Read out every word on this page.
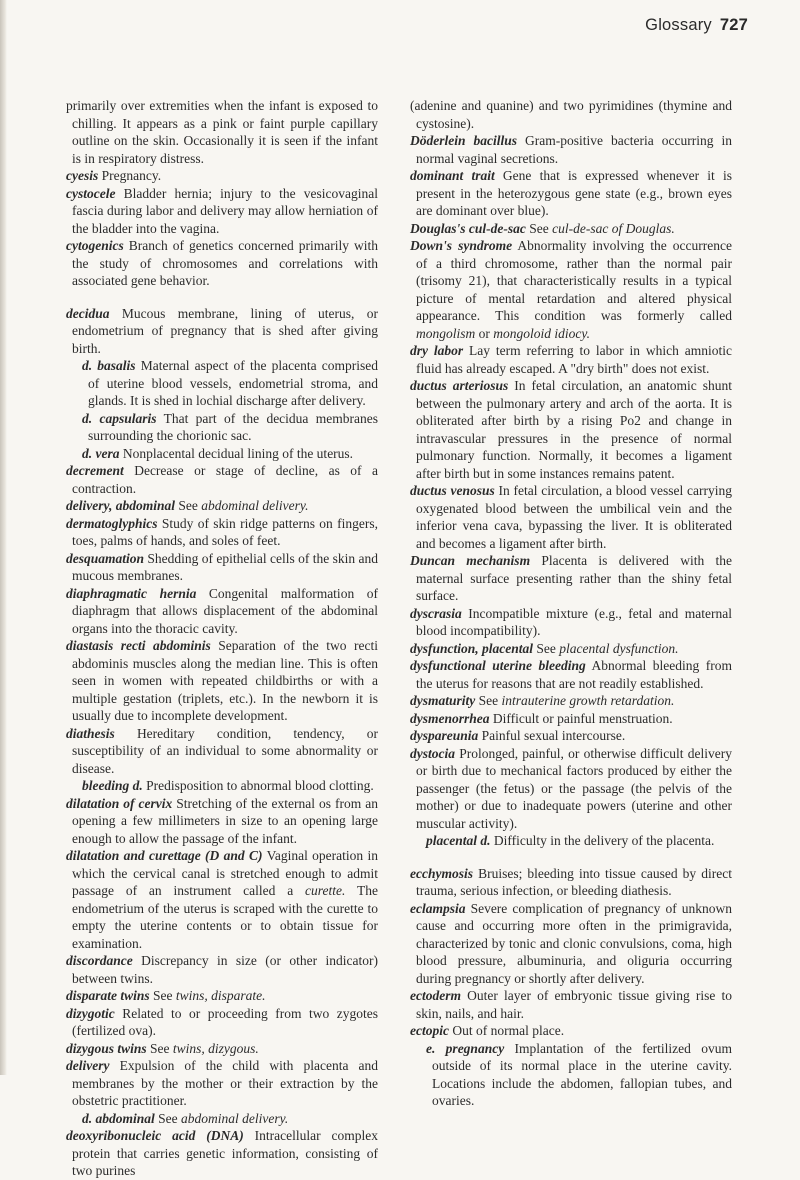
Glossary 727

primarily over extremities when the infant is exposed to chilling. It appears as a pink or faint purple capillary outline on the skin. Occasionally it is seen if the infant is in respiratory distress.

cyesis Pregnancy.

cystocele Bladder hernia; injury to the vesicovaginal fascia during labor and delivery may allow herniation of the bladder into the vagina.

cytogenics Branch of genetics concerned primarily with the study of chromosomes and correlations with associated gene behavior.

decidua Mucous membrane, lining of uterus, or endometrium of pregnancy that is shed after giving birth.

d. basalis Maternal aspect of the placenta comprised of uterine blood vessels, endometrial stroma, and glands. It is shed in lochial discharge after delivery.

d. capsularis That part of the decidua membranes surrounding the chorionic sac.

d. vera Nonplacental decidual lining of the uterus.

decrement Decrease or stage of decline, as of a contraction.

delivery, abdominal See abdominal delivery.

dermatoglyphics Study of skin ridge patterns on fingers, toes, palms of hands, and soles of feet.

desquamation Shedding of epithelial cells of the skin and mucous membranes.

diaphragmatic hernia Congenital malformation of diaphragm that allows displacement of the abdominal organs into the thoracic cavity.

diastasis recti abdominis Separation of the two recti abdominis muscles along the median line. This is often seen in women with repeated childbirths or with a multiple gestation (triplets, etc.). In the newborn it is usually due to incomplete development.

diathesis Hereditary condition, tendency, or susceptibility of an individual to some abnormality or disease.

bleeding d. Predisposition to abnormal blood clotting.

dilatation of cervix Stretching of the external os from an opening a few millimeters in size to an opening large enough to allow the passage of the infant.

dilatation and curettage (D and C) Vaginal operation in which the cervical canal is stretched enough to admit passage of an instrument called a curette. The endometrium of the uterus is scraped with the curette to empty the uterine contents or to obtain tissue for examination.

discordance Discrepancy in size (or other indicator) between twins.

disparate twins See twins, disparate.

dizygotic Related to or proceeding from two zygotes (fertilized ova).

dizygous twins See twins, dizygous.

delivery Expulsion of the child with placenta and membranes by the mother or their extraction by the obstetric practitioner.

d. abdominal See abdominal delivery.

deoxyribonucleic acid (DNA) Intracellular complex protein that carries genetic information, consisting of two purines

(adenine and quanine) and two pyrimidines (thymine and cystosine).

Döderlein bacillus Gram-positive bacteria occurring in normal vaginal secretions.

dominant trait Gene that is expressed whenever it is present in the heterozygous gene state (e.g., brown eyes are dominant over blue).

Douglas's cul-de-sac See cul-de-sac of Douglas.

Down's syndrome Abnormality involving the occurrence of a third chromosome, rather than the normal pair (trisomy 21), that characteristically results in a typical picture of mental retardation and altered physical appearance. This condition was formerly called mongolism or mongoloid idiocy.

dry labor Lay term referring to labor in which amniotic fluid has already escaped. A "dry birth" does not exist.

ductus arteriosus In fetal circulation, an anatomic shunt between the pulmonary artery and arch of the aorta. It is obliterated after birth by a rising Po2 and change in intravascular pressures in the presence of normal pulmonary function. Normally, it becomes a ligament after birth but in some instances remains patent.

ductus venosus In fetal circulation, a blood vessel carrying oxygenated blood between the umbilical vein and the inferior vena cava, bypassing the liver. It is obliterated and becomes a ligament after birth.

Duncan mechanism Placenta is delivered with the maternal surface presenting rather than the shiny fetal surface.

dyscrasia Incompatible mixture (e.g., fetal and maternal blood incompatibility).

dysfunction, placental See placental dysfunction.

dysfunctional uterine bleeding Abnormal bleeding from the uterus for reasons that are not readily established.

dysmaturity See intrauterine growth retardation.

dysmenorrhea Difficult or painful menstruation.

dyspareunia Painful sexual intercourse.

dystocia Prolonged, painful, or otherwise difficult delivery or birth due to mechanical factors produced by either the passenger (the fetus) or the passage (the pelvis of the mother) or due to inadequate powers (uterine and other muscular activity).

placental d. Difficulty in the delivery of the placenta.

ecchymosis Bruises; bleeding into tissue caused by direct trauma, serious infection, or bleeding diathesis.

eclampsia Severe complication of pregnancy of unknown cause and occurring more often in the primigravida, characterized by tonic and clonic convulsions, coma, high blood pressure, albuminuria, and oliguria occurring during pregnancy or shortly after delivery.

ectoderm Outer layer of embryonic tissue giving rise to skin, nails, and hair.

ectopic Out of normal place.

e. pregnancy Implantation of the fertilized ovum outside of its normal place in the uterine cavity. Locations include the abdomen, fallopian tubes, and ovaries.
